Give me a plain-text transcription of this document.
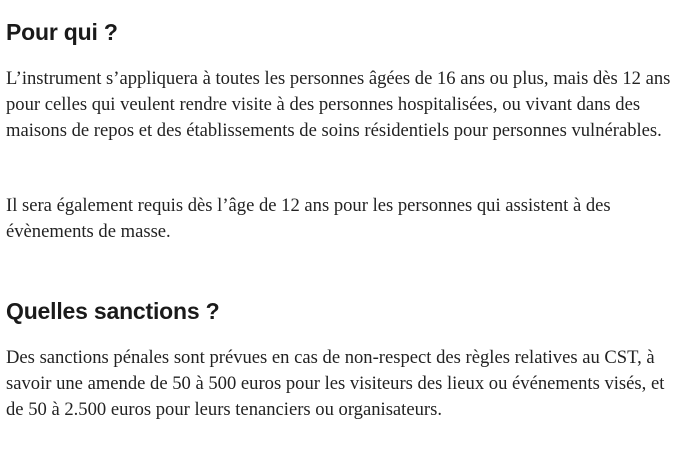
Pour qui ?

L’instrument s’appliquera à toutes les personnes âgées de 16 ans ou plus, mais dès 12 ans pour celles qui veulent rendre visite à des personnes hospitalisées, ou vivant dans des maisons de repos et des établissements de soins résidentiels pour personnes vulnérables.

Il sera également requis dès l’âge de 12 ans pour les personnes qui assistent à des évènements de masse.

Quelles sanctions ?

Des sanctions pénales sont prévues en cas de non-respect des règles relatives au CST, à savoir une amende de 50 à 500 euros pour les visiteurs des lieux ou événements visés, et de 50 à 2.500 euros pour leurs tenanciers ou organisateurs.
